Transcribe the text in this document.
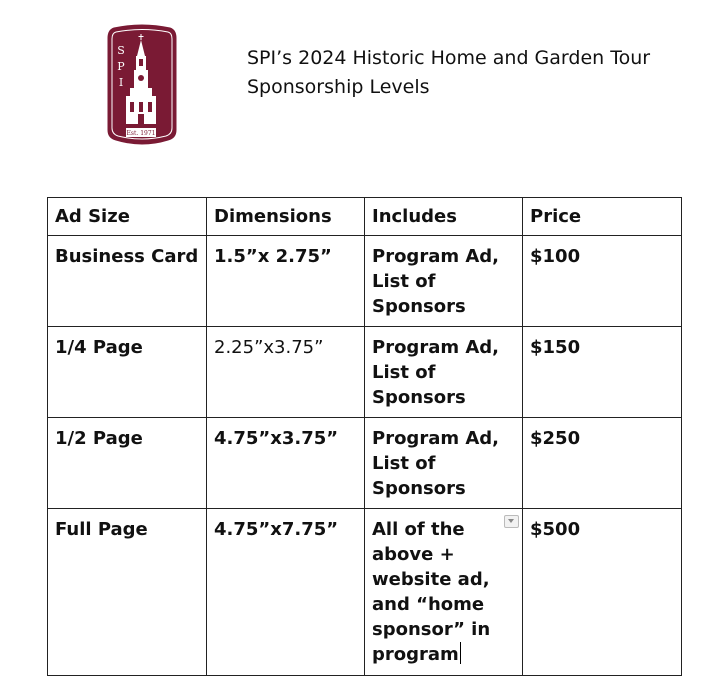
S
P
I
Est. 1971
SPI’s 2024 Historic Home and Garden Tour
Sponsorship Levels
Ad Size	Dimensions	Includes	Price
Business Card	1.5”x 2.75”	Program Ad, List of Sponsors	$100
1/4 Page	2.25”x3.75”	Program Ad, List of Sponsors	$150
1/2 Page	4.75”x3.75”	Program Ad, List of Sponsors	$250
Full Page	4.75”x7.75”	All of the above + website ad, and “home sponsor” in program	$500
